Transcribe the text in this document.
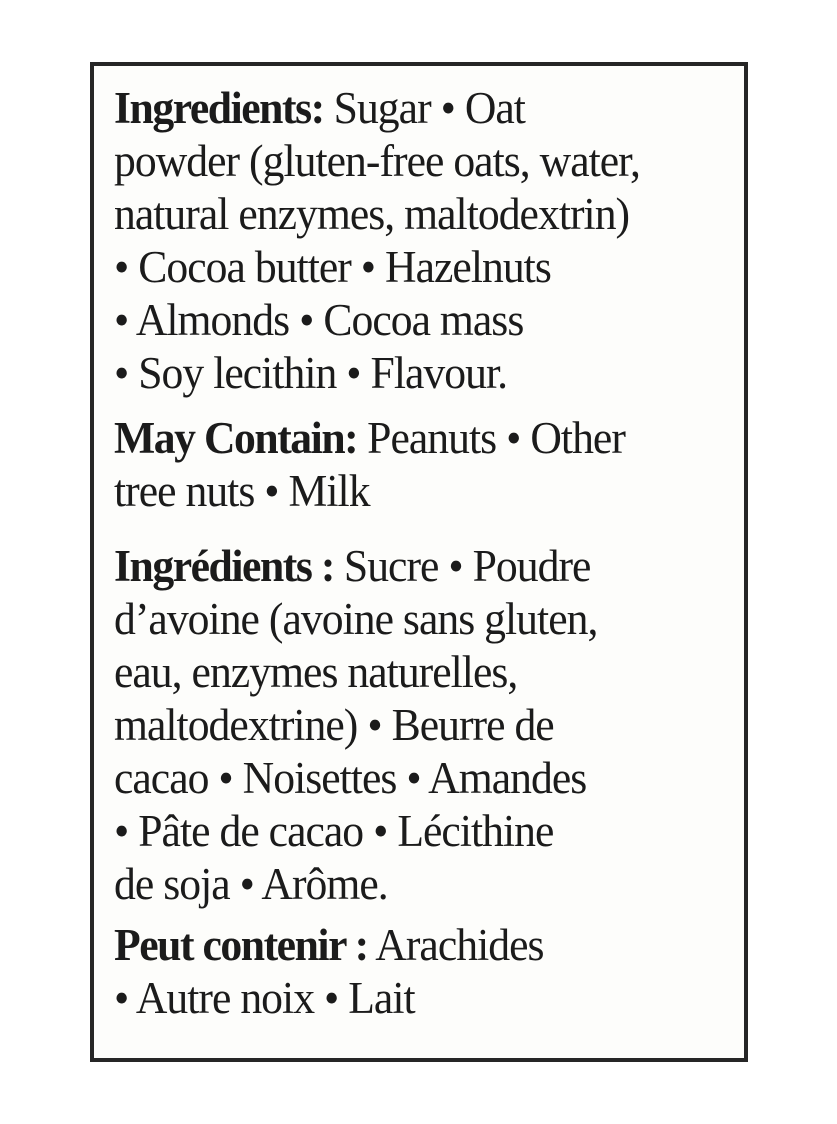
Ingredients: Sugar • Oat
powder (gluten-free oats, water,
natural enzymes, maltodextrin)
• Cocoa butter • Hazelnuts
• Almonds • Cocoa mass
• Soy lecithin • Flavour.
May Contain: Peanuts • Other
tree nuts • Milk
Ingrédients : Sucre • Poudre
d’avoine (avoine sans gluten,
eau, enzymes naturelles,
maltodextrine) • Beurre de
cacao • Noisettes • Amandes
• Pâte de cacao • Lécithine
de soja • Arôme.
Peut contenir : Arachides
• Autre noix • Lait
